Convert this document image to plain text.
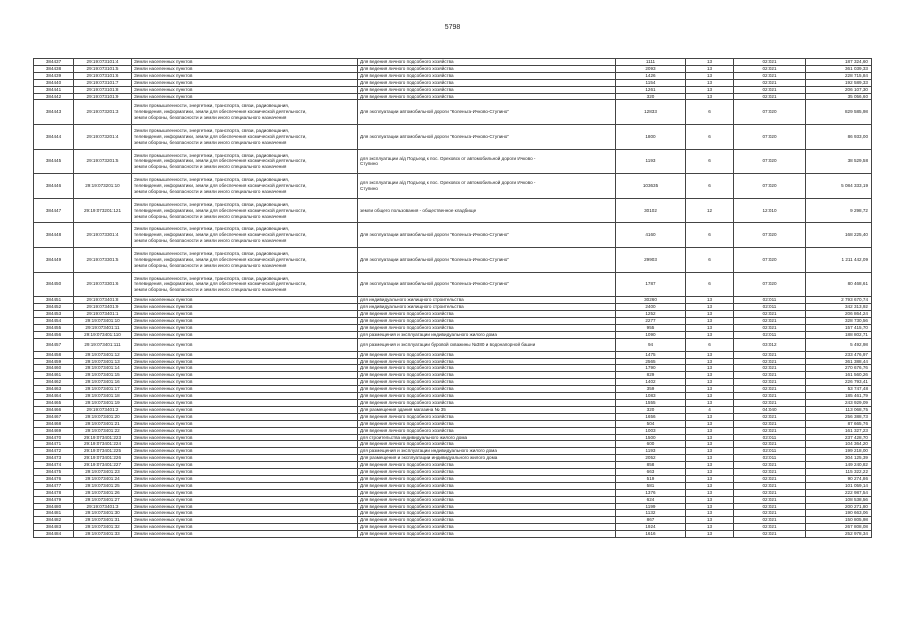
5798
384437	29:19:073101:4	Земли населенных пунктов	Для ведения личного подсобного хозяйства	1111	13	02:021	187 324,60
384438	29:19:073101:5	Земли населенных пунктов	Для ведения личного подсобного хозяйства	2093	13	02:021	361 039,33
384439	29:19:073101:6	Земли населенных пунктов	Для ведения личного подсобного хозяйства	1426	13	02:021	228 715,84
384440	29:19:073101:7	Земли населенных пунктов	Для ведения личного подсобного хозяйства	1154	13	02:021	192 589,33
384441	29:19:073101:8	Земли населенных пунктов	Для ведения личного подсобного хозяйства	1261	13	02:021	206 107,30
384442	29:19:073101:9	Земли населенных пунктов	Для ведения личного подсобного хозяйства	320	13	02:021	35 056,60
384443	29:19:073201:3	Земли промышленности, энергетики, транспорта, связи, радиовещания,
телевидения, информатики, земли для обеспечения космической деятельности,
земли обороны, безопасности и земли иного специального назначения	Для эксплуатации автомобильной дороги "Коленьга-Ичково-Ступино"	12833	6	07:020	829 585,98
384444	29:19:073201:4	Земли промышленности, энергетики, транспорта, связи, радиовещания,
телевидения, информатики, земли для обеспечения космической деятельности,
земли обороны, безопасности и земли иного специального назначения	Для эксплуатации автомобильной дороги "Коленьга-Ичково-Ступино"	1800	6	07:020	86 933,00
384445	29:19:073201:5	Земли промышленности, энергетики, транспорта, связи, радиовещания,
телевидения, информатики, земли для обеспечения космической деятельности,
земли обороны, безопасности и земли иного специального назначения	для эксплуатации а/д Подъезд к пос. Ореховск от автомобильной дороги Ичково -
Ступино	1193	6	07:020	38 529,58
384446	29:19:073201:10	Земли промышленности, энергетики, транспорта, связи, радиовещания,
телевидения, информатики, земли для обеспечения космической деятельности,
земли обороны, безопасности и земли иного специального назначения	для эксплуатации а/д Подъезд к пос. Ореховск от автомобильной дороги Ичково -
Ступино	103635	6	07:020	5 084 333,19
384447	29:19:073201:121	Земли промышленности, энергетики, транспорта, связи, радиовещания,
телевидения, информатики, земли для обеспечения космической деятельности,
земли обороны, безопасности и земли иного специального назначения	земли общего пользования - общественное кладбище	30102	12	12:010	9 298,72
384448	29:19:073301:4	Земли промышленности, энергетики, транспорта, связи, радиовещания,
телевидения, информатики, земли для обеспечения космической деятельности,
земли обороны, безопасности и земли иного специального назначения	Для эксплуатации автомобильной дороги "Коленьга-Ичково-Ступино"	4160	6	07:020	168 225,40
384449	29:19:073301:5	Земли промышленности, энергетики, транспорта, связи, радиовещания,
телевидения, информатики, земли для обеспечения космической деятельности,
земли обороны, безопасности и земли иного специального назначения	Для эксплуатации автомобильной дороги "Коленьга-Ичково-Ступино"	29903	6	07:020	1 211 442,09
384450	29:19:073301:6	Земли промышленности, энергетики, транспорта, связи, радиовещания,
телевидения, информатики, земли для обеспечения космической деятельности,
земли обороны, безопасности и земли иного специального назначения	Для эксплуатации автомобильной дороги "Коленьга-Ичково-Ступино"	1787	6	07:020	80 468,61
384451	29:19:073401:8	Земли населенных пунктов	для индивидуального жилищного строительства	30260	13	02:011	2 793 670,74
384452	29:19:073401:9	Земли населенных пунктов	для индивидуального жилищного строительства	2400	13	02:011	342 313,92
384453	29:19:073401:1	Земли населенных пунктов	Для ведения личного подсобного хозяйства	1252	13	02:021	206 864,24
384454	29:19:073401:10	Земли населенных пунктов	Для ведения личного подсобного хозяйства	2277	13	02:021	328 730,56
384455	29:19:073401:11	Земли населенных пунктов	Для ведения личного подсобного хозяйства	955	13	02:021	157 415,70
384456	29:19:073401:110	Земли населенных пунктов	для размещения и эксплуатации индивидуального жилого дома	1090	13	02:011	188 802,71
384457	29:19:073401:111	Земли населенных пунктов	для размещения и эксплуатации буровой скважины №380 и водонапорной башни	94	6	03:012	5 492,98
384458	29:19:073401:12	Земли населенных пунктов	Для ведения личного подсобного хозяйства	1475	13	02:021	233 476,97
384459	29:19:073401:13	Земли населенных пунктов	Для ведения личного подсобного хозяйства	2565	13	02:021	361 388,44
384460	29:19:073401:14	Земли населенных пунктов	Для ведения личного подсобного хозяйства	1790	13	02:021	270 676,76
384461	29:19:073401:15	Земли населенных пунктов	Для ведения личного подсобного хозяйства	829	13	02:021	161 560,26
384462	29:19:073401:16	Земли населенных пунктов	Для ведения личного подсобного хозяйства	1402	13	02:021	226 793,41
384463	29:19:073401:17	Земли населенных пунктов	Для ведения личного подсобного хозяйства	359	13	02:021	53 747,48
384464	29:19:073401:18	Земли населенных пунктов	Для ведения личного подсобного хозяйства	1083	13	02:021	185 461,79
384465	29:19:073401:19	Земли населенных пунктов	Для ведения личного подсобного хозяйства	1555	13	02:021	243 929,09
384466	29:19:073401:2	Земли населенных пунктов	Для размещения здания магазина № 35	320	4	04:040	113 068,75
384467	29:19:073401:20	Земли населенных пунктов	Для ведения личного подсобного хозяйства	1656	13	02:021	256 388,73
384468	29:19:073401:21	Земли населенных пунктов	Для ведения личного подсобного хозяйства	504	13	02:021	87 665,76
384469	29:19:073401:22	Земли населенных пунктов	Для ведения личного подсобного хозяйства	1003	13	02:021	161 327,23
384470	29:19:073401:223	Земли населенных пунктов	для строительства индивидуального жилого дома	1500	13	02:011	237 428,70
384471	29:19:073401:224	Земли населенных пунктов	Для ведения личного подсобного хозяйства	600	13	02:021	104 364,20
384472	29:19:073401:225	Земли населенных пунктов	для размещения и эксплуатации индивидуального жилого дома	1193	13	02:011	199 218,00
384473	29:19:073401:226	Земли населенных пунктов	Для размещения и эксплуатации индивидуального жилого дома	2052	13	02:011	304 125,39
384474	29:19:073401:227	Земли населенных пунктов	Для ведения личного подсобного хозяйства	858	13	02:021	149 240,82
384475	29:19:073401:23	Земли населенных пунктов	Для ведения личного подсобного хозяйства	663	13	02:021	115 322,22
384476	29:19:073401:24	Земли населенных пунктов	Для ведения личного подсобного хозяйства	519	13	02:021	90 274,86
384477	29:19:073401:25	Земли населенных пунктов	Для ведения личного подсобного хозяйства	581	13	02:021	101 059,14
384478	29:19:073401:26	Земли населенных пунктов	Для ведения личного подсобного хозяйства	1376	13	02:021	222 987,54
384479	29:19:073401:27	Земли населенных пунктов	Для ведения личного подсобного хозяйства	624	13	02:021	108 538,56
384480	29:19:073401:3	Земли населенных пунктов	Для ведения личного подсобного хозяйства	1199	13	02:021	200 271,80
384481	29:19:073401:30	Земли населенных пунктов	Для ведения личного подсобного хозяйства	1132	13	02:021	190 663,06
384482	29:19:073401:31	Земли населенных пунктов	Для ведения личного подсобного хозяйства	867	13	02:021	150 805,98
384483	29:19:073401:32	Земли населенных пунктов	Для ведения личного подсобного хозяйства	1924	13	02:021	267 808,08
384484	29:19:073401:33	Земли населенных пунктов	Для ведения личного подсобного хозяйства	1616	13	02:021	252 978,34
